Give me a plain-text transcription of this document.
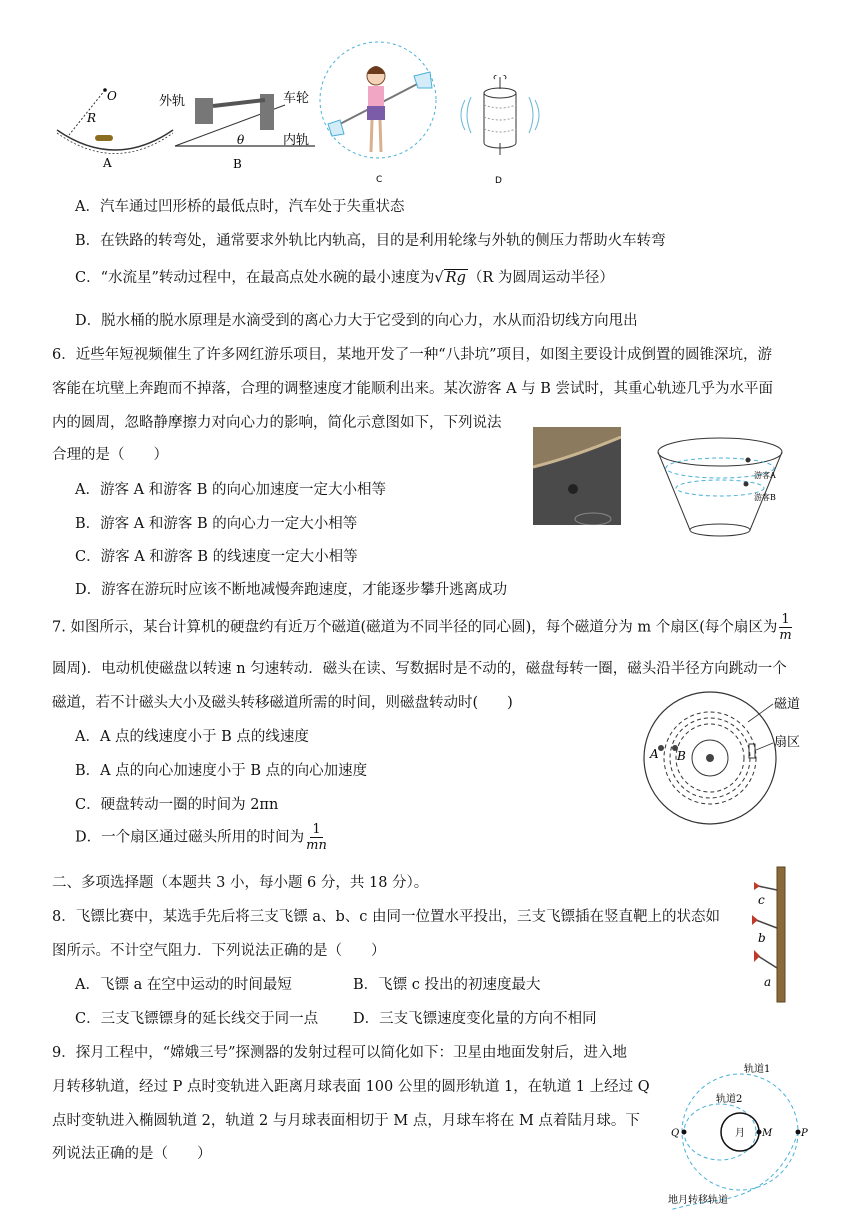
O
R
A
外轨	车轮
内轨
θ
B
C	D
A．汽车通过凹形桥的最低点时，汽车处于失重状态
B．在铁路的转弯处，通常要求外轨比内轨高，目的是利用轮缘与外轨的侧压力帮助火车转弯
C．“水流星”转动过程中，在最高点处水碗的最小速度为√ Rg （R 为圆周运动半径）
D．脱水桶的脱水原理是水滴受到的离心力大于它受到的向心力，水从而沿切线方向甩出
6．近些年短视频催生了许多网红游乐项目，某地开发了一种“八卦坑”项目，如图主要设计成倒置的圆锥深坑，游
客能在坑壁上奔跑而不掉落，合理的调整速度才能顺利出来。某次游客 A 与 B 尝试时，其重心轨迹几乎为水平面
内的圆周，忽略静摩擦力对向心力的影响，简化示意图如下，下列说法
合理的是（　　）
A．游客 A 和游客 B 的向心加速度一定大小相等
B．游客 A 和游客 B 的向心力一定大小相等
C．游客 A 和游客 B 的线速度一定大小相等
D．游客在游玩时应该不断地减慢奔跑速度，才能逐步攀升逃离成功
游客A
游客B
7. 如图所示，某台计算机的硬盘约有近万个磁道(磁道为不同半径的同心圆)，每个磁道分为 m 个扇区(每个扇区为 $\frac{1}{m}$
圆周)．电动机使磁盘以转速 n 匀速转动．磁头在读、写数据时是不动的，磁盘每转一圈，磁头沿半径方向跳动一个
磁道，若不计磁头大小及磁头转移磁道所需的时间，则磁盘转动时(　　)
A．A 点的线速度小于 B 点的线速度
B．A 点的向心加速度小于 B 点的向心加速度
C．硬盘转动一圈的时间为 2πn
D．一个扇区通过磁头所用的时间为 $\frac{1}{mn}$
磁道
扇区
A B
二、多项选择题（本题共 3 小，每小题 6 分，共 18 分）。
8．飞镖比赛中，某选手先后将三支飞镖 a、b、c 由同一位置水平投出，三支飞镖插在竖直靶上的状态如
图所示。不计空气阻力．下列说法正确的是（　　）
A．飞镖 a 在空中运动的时间最短	B．飞镖 c 投出的初速度最大
C．三支飞镖镖身的延长线交于同一点 D．三支飞镖速度变化量的方向不相同
c
b
a
9．探月工程中，“嫦娥三号”探测器的发射过程可以简化如下：卫星由地面发射后，进入地
月转移轨道，经过 P 点时变轨进入距离月球表面 100 公里的圆形轨道 1，在轨道 1 上经过 Q
点时变轨进入椭圆轨道 2，轨道 2 与月球表面相切于 M 点，月球车将在 M 点着陆月球。下
列说法正确的是（　　）
轨道1
轨道2
月
Q	M	P
地月转移轨道
